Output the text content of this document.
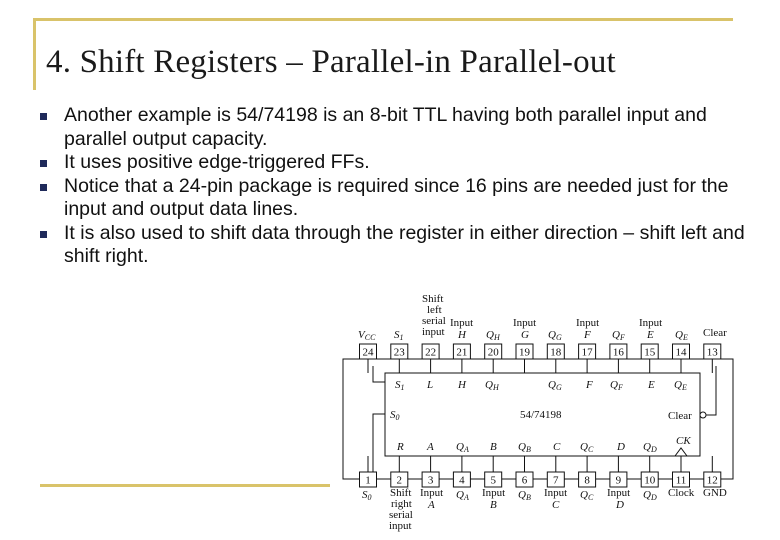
4. Shift Registers – Parallel-in Parallel-out
Another example is 54/74198 is an 8-bit TTL having both parallel input and parallel output capacity.
It uses positive edge-triggered FFs.
Notice that a 24-pin package is required since 16 pins are needed just for the input and output data lines.
It is also used to shift data through the register in either direction – shift left and shift right.
VCC S1
Shift
left
serial
input
Input
H QH
Input
G QG
Input
F QF
Input
E QE Clear
24 23 22 21 20 19 18 17 16 15 14 13
S1 L H QH	QG F QF E QE
S0	54/74198	Clear
R A QA B QB C QC D QD
CK
1 2 3 4 5 6 7 8 9 10 11 12
S0 Shift
right
serial
input
Input
A
QA Input
B
QB Input
C
QC Input
D
QD Clock GND
